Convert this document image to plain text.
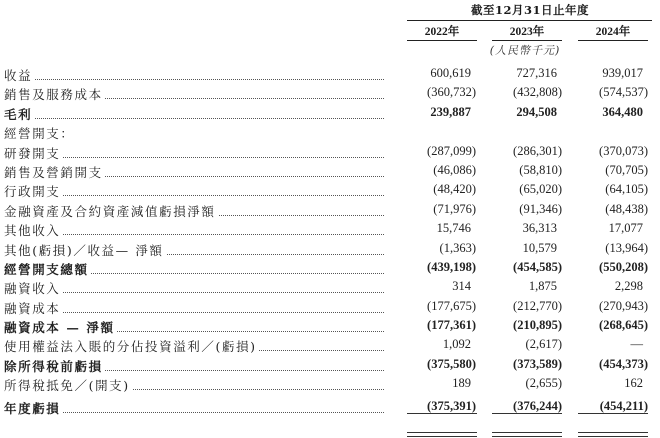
截至12月31日止年度
2022年	2023年	2024年
(人民幣千元)
收益	600,619	727,316	939,017
銷售及服務成本	(360,732)	(432,808)	(574,537)
毛利	239,887	294,508	364,480
經營開支：
研發開支	(287,099)	(286,301)	(370,073)
銷售及營銷開支	(46,086)	(58,810)	(70,705)
行政開支	(48,420)	(65,020)	(64,105)
金融資產及合約資產減值虧損淨額	(71,976)	(91,346)	(48,438)
其他收入	15,746	36,313	17,077
其他(虧損)／收益— 淨額	(1,363)	10,579	(13,964)
經營開支總額	(439,198)	(454,585)	(550,208)
融資收入	314	1,875	2,298
融資成本	(177,675)	(212,770)	(270,943)
融資成本 — 淨額	(177,361)	(210,895)	(268,645)
使用權益法入賬的分佔投資溢利／(虧損)	1,092	(2,617)	—
除所得稅前虧損	(375,580)	(373,589)	(454,373)
所得稅抵免／(開支)	189	(2,655)	162
年度虧損	(375,391)	(376,244)	(454,211)
